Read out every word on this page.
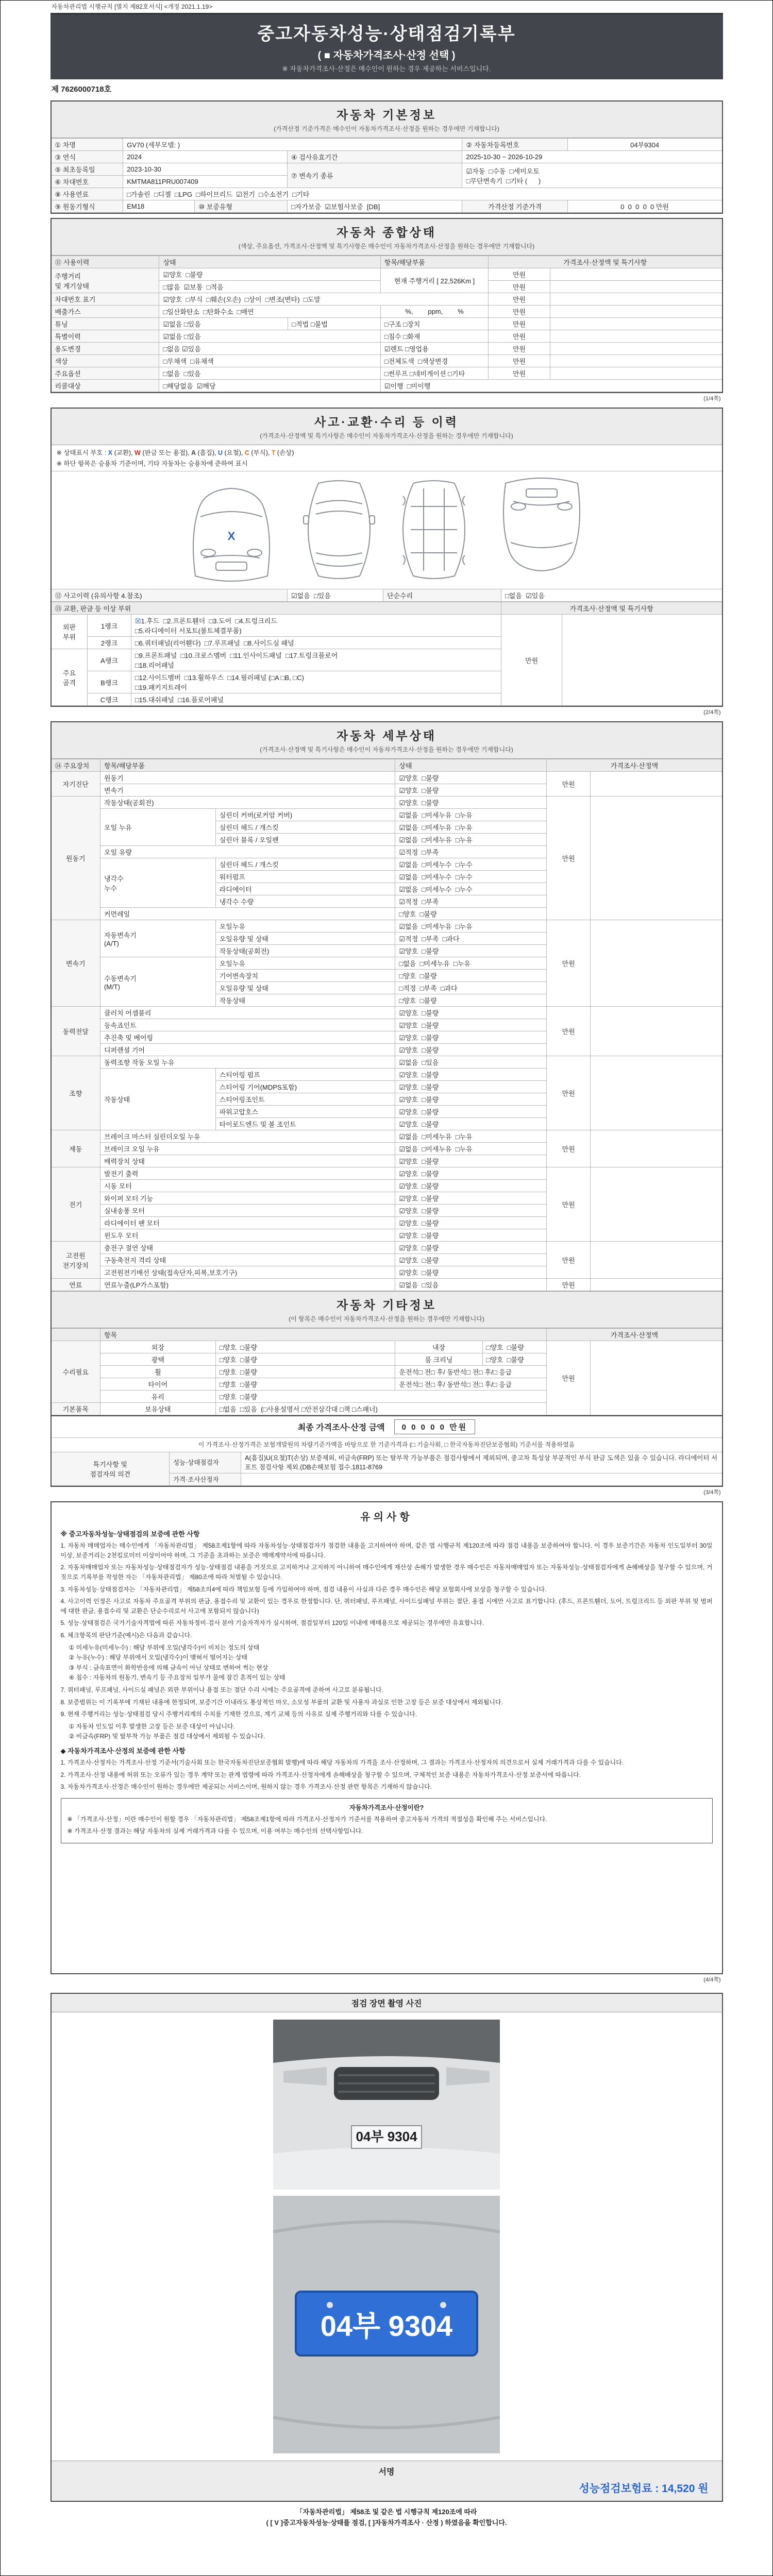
자동차관리법 시행규칙 [별지 제82호서식] <개정 2021.1.19>
중고자동차성능·상태점검기록부
( ■ 자동차가격조사·산정 선택 )
※ 자동차가격조사·산정은 매수인이 원하는 경우 제공하는 서비스입니다.
제 7626000718호
자동차 기본정보
(가격산정 기준가격은 매수인이 자동차가격조사·산정을 원하는 경우에만 기재합니다)
① 차명	GV70 (세부모델: )			② 자동차등록번호	04부9304
③ 연식	2024		④ 검사유효기간	2025-10-30 ~ 2026-10-29	
⑤ 최초등록일	2023-10-30		⑦ 변속기 종류	☑자동  □수동  □세미오토
□무단변속기  □기타 (      )	
⑥ 차대번호	KMTMA811PRU007409				
⑧ 사용연료	□가솔린  □디젤  □LPG  □하이브리드  ☑전기  □수소전기  □기타				
⑨ 원동기형식	EM18	⑩ 보증유형	□자가보증  ☑보험사보증  [DB]	가격산정 기준가격	0  0  0  0  0 만원
자동차 종합상태
(색상, 주요옵션, 가격조사·산정액 및 특기사항은 매수인이 자동차가격조사·산정을 원하는 경우에만 기재합니다)
⑪ 사용이력	상태		항목/해당부품	가격조사·산정액 및 특기사항	
주행거리
및 계기상태	☑양호  □불량		현재 주행거리 [ 22,526Km ]	만원	
	□많음  ☑보통  □적음			만원	
차대번호 표기	☑양호  □부식  □훼손(오손)  □상이  □변조(변타)  □도말			만원	
배출가스	□일산화탄소  □탄화수소  □매연		%,        ppm,        %	만원	
튜닝	☑없음 □있음	□적법 □불법	□구조 □장치	만원	
특별이력	☑없음 □있음		□침수 □화재	만원	
용도변경	□없음 ☑있음		☑렌트 □영업용	만원	
색상	□무채색  □유채색		□전체도색  □색상변경	만원	
주요옵션	□없음  □있음		□썬루프 □네비게이션 □기타	만원	
리콜대상	□해당없음  ☑해당		☑이행  □미이행		
(1/4쪽)
사고·교환·수리 등 이력
(가격조사·산정액 및 특기사항은 매수인이 자동차가격조사·산정을 원하는 경우에만 기재합니다)
※ 상태표시 부호 : X (교환), W (판금 또는 용접), A (흠집), U (요철), C (부식), T (손상)
※ 하단 항목은 승용차 기준이며, 기타 자동차는 승용차에 준하여 표시
X
⑫ 사고이력 (유의사항 4.참조)	☑없음  □있음	단순수리	□없음  ☑있음
⑬ 교환, 판금 등 이상 부위			가격조사·산정액 및 특기사항	
외판
부위	1랭크	☒1.후드  □2.프론트휀더  □3.도어  □4.트렁크리드
□5.라디에이터 서포트(볼트체결부품)	만원	
	2랭크	□6.쿼터패널(리어휀다)  □7.루프패널  □8.사이드실 패널		
주요
골격	A랭크	□9.프론트패널  □10.크로스멤버  □11.인사이드패널  □17.트렁크플로어
□18.리어패널		
	B랭크	□12.사이드멤버  □13.휠하우스  □14.필러패널 (□A □B, □C)
□19.패키지트레이		
	C랭크	□15.대쉬패널  □16.플로어패널		
(2/4쪽)
자동차 세부상태
(가격조사·산정액 및 특기사항은 매수인이 자동차가격조사·산정을 원하는 경우에만 기재합니다)
⑭ 주요장치	항목/해당부품		상태	가격조사·산정액	
자기진단	원동기		☑양호  □불량	만원	
	변속기		☑양호  □불량		
원동기	작동상태(공회전)		☑양호  □불량	만원	
	오일 누유	실린더 커버(로커암 커버)	☑없음  □미세누유  □누유		
		실린더 헤드 / 개스킷	☑없음  □미세누유  □누유		
		실린더 블록 / 오일팬	☑없음  □미세누유  □누유		
	오일 유량		☑적정  □부족		
	냉각수
누수	실린더 헤드 / 개스킷	☑없음  □미세누수  □누수		
		워터펌프	☑없음  □미세누수  □누수		
		라디에이터	☑없음  □미세누수  □누수		
		냉각수 수량	☑적정  □부족		
	커먼레일		□양호  □불량		
변속기	자동변속기
(A/T)	오일누유	☑없음  □미세누유  □누유	만원	
		오일유량 및 상태	☑적정  □부족  □과다		
		작동상태(공회전)	☑양호  □불량		
	수동변속기
(M/T)	오일누유	□없음  □미세누유  □누유		
		기어변속장치	□양호  □불량		
		오일유량 및 상태	□적정  □부족  □과다		
		작동상태	□양호  □불량		
동력전달	클러치 어셈블리		☑양호  □불량	만원	
	등속죠인트		☑양호  □불량		
	추진축 및 베어링		☑양호  □불량		
	디퍼렌셜 기어		☑양호  □불량		
조향	동력조향 작동 오일 누유		☑없음  □있음	만원	
	작동상태	스티어링 펌프	☑양호  □불량		
		스티어링 기어(MDPS포함)	☑양호  □불량		
		스티어링조인트	☑양호  □불량		
		파워고압호스	☑양호  □불량		
		타이로드엔드 및 볼 조인트	☑양호  □불량		
제동	브레이크 마스터 실린더오일 누유		☑없음  □미세누유  □누유	만원	
	브레이크 오일 누유		☑없음  □미세누유  □누유		
	배력장치 상태		☑양호  □불량		
전기	발전기 출력		☑양호  □불량	만원	
	시동 모터		☑양호  □불량		
	와이퍼 모터 기능		☑양호  □불량		
	실내송풍 모터		☑양호  □불량		
	라디에이터 팬 모터		☑양호  □불량		
	윈도우 모터		☑양호  □불량		
고전원
전기장치	충전구 절연 상태		☑양호  □불량	만원	
	구동축전지 격리 상태		☑양호  □불량		
	고전원전기배선 상태(접속단자,피복,보호기구)		☑양호  □불량		
연료	연료누출(LP가스포함)		☑없음  □있음	만원	
자동차 기타정보
(이 항목은 매수인이 자동차가격조사·산정을 원하는 경우에만 기재합니다)
	항목				가격조사·산정액	
수리필요	외장	□양호  □불량	내장	□양호  □불량	만원	
	광택	□양호  □불량	룸 크리닝	□양호  □불량		
	휠	□양호  □불량	운전석□ 전□ 후/ 동반석□ 전□ 후/□ 응급			
	타이어	□양호  □불량	운전석□ 전□ 후/ 동반석□ 전□ 후/□ 응급			
	유리	□양호  □불량				
기본품목	보유상태	□없음  □있음  (□사용설명서 □안전삼각대 □잭 □스패너)				
최종 가격조사·산정 금액	0 0 0 0 0 만원
이 가격조사·산정가격은 보험개발원의 차량기준가액을 바탕으로 한 기준가격과 (□ 기술사회, □ 한국자동차진단보증협회) 기준서를 적용하였음
특기사항 및
점검자의 의견	성능·상태점검자	A(흠집)U(요철)T(손상) 보증제외, 비금속(FRP) 또는 탈부착 가능부품은 점검사항에서 제외되며, 중고차 특성상 부분적인 부식 판금 도색은 있을 수 있습니다. 라디에이터 서포트 점검사항 제외.(DB손해보험 접수.1811-8769
	가격·조사산정자	
(3/4쪽)
유의사항
※ 중고자동차성능·상태점검의 보증에 관한 사항

1. 자동차 매매업자는 매수인에게 「자동차관리법」 제58조제1항에 따라 자동차성능·상태점검자가 점검한 내용을 고지하여야 하며, 같은 법 시행규칙 제120조에 따라 점검 내용을 보증하여야 합니다. 이 경우 보증기간은 자동차 인도일부터 30일 이상, 보증거리는 2천킬로미터 이상이어야 하며, 그 기준을 초과하는 보증은 매매계약서에 따릅니다.

2. 자동차매매업자 또는 자동차성능·상태점검자가 성능·상태점검 내용을 거짓으로 고지하거나 고지하지 아니하여 매수인에게 재산상 손해가 발생한 경우 매수인은 자동차매매업자 또는 자동차성능·상태점검자에게 손해배상을 청구할 수 있으며, 거짓으로 기록부를 작성한 자는 「자동차관리법」 제80조에 따라 처벌될 수 있습니다.

3. 자동차성능·상태점검자는 「자동차관리법」 제58조의4에 따라 책임보험 등에 가입하여야 하며, 점검 내용이 사실과 다른 경우 매수인은 해당 보험회사에 보상을 청구할 수 있습니다.

4. 사고이력 인정은 사고로 자동차 주요골격 부위의 판금, 용접수리 및 교환이 있는 경우로 한정합니다. 단, 쿼터패널, 루프패널, 사이드실패널 부위는 절단, 용접 시에만 사고로 표기합니다. (후드, 프론트휀더, 도어, 트렁크리드 등 외판 부위 및 범퍼에 대한 판금, 용접수리 및 교환은 단순수리로서 사고에 포함되지 않습니다)

5. 성능·상태점검은 국가기술자격법에 따른 자동차정비·검사 분야 기술자격자가 실시하며, 점검일부터 120일 이내에 매매용으로 제공되는 경우에만 유효합니다.

6. 체크항목의 판단기준(예시)은 다음과 같습니다.

① 미세누유(미세누수) : 해당 부위에 오일(냉각수)이 비치는 정도의 상태

② 누유(누수) : 해당 부위에서 오일(냉각수)이 맺혀서 떨어지는 상태

③ 부식 : 금속표면이 화학반응에 의해 금속이 아닌 상태로 변하여 썩는 현상

④ 침수 : 자동차의 원동기, 변속기 등 주요장치 일부가 물에 잠긴 흔적이 있는 상태

7. 쿼터패널, 루프패널, 사이드실 패널은 외판 부위이나 용접 또는 절단 수리 시에는 주요골격에 준하여 사고로 분류됩니다.

8. 보증범위는 이 기록부에 기재된 내용에 한정되며, 보증기간 이내라도 통상적인 마모, 소모성 부품의 교환 및 사용자 과실로 인한 고장 등은 보증 대상에서 제외됩니다.

9. 현재 주행거리는 성능·상태점검 당시 주행거리계의 수치를 기재한 것으로, 계기 교체 등의 사유로 실제 주행거리와 다를 수 있습니다.

① 자동차 인도일 이후 발생한 고장 등은 보증 대상이 아닙니다.

② 비금속(FRP) 및 탈부착 가능 부품은 점검 대상에서 제외될 수 있습니다.

◆ 자동차가격조사·산정의 보증에 관한 사항

1. 가격조사·산정자는 가격조사·산정 기준서(기술사회 또는 한국자동차진단보증협회 발행)에 따라 해당 자동차의 가격을 조사·산정하며, 그 결과는 가격조사·산정자의 의견으로서 실제 거래가격과 다를 수 있습니다.

2. 가격조사·산정 내용에 허위 또는 오류가 있는 경우 계약 또는 관계 법령에 따라 가격조사·산정자에게 손해배상을 청구할 수 있으며, 구체적인 보증 내용은 자동차가격조사·산정 보증서에 따릅니다.

3. 자동차가격조사·산정은 매수인이 원하는 경우에만 제공되는 서비스이며, 원하지 않는 경우 가격조사·산정 관련 항목은 기재하지 않습니다.

자동차가격조사·산정이란?

※ 「가격조사·산정」이란 매수인이 원할 경우 「자동차관리법」 제58조제1항에 따라 가격조사·산정자가 기준서를 적용하여 중고자동차 가격의 적절성을 확인해 주는 서비스입니다.

※ 가격조사·산정 결과는 해당 자동차의 실제 거래가격과 다를 수 있으며, 이용 여부는 매수인의 선택사항입니다.

(4/4쪽)
점검 장면 촬영 사진
04부 9304
04부 9304
서명
성능점검보험료 : 14,520 원
「자동차관리법」 제58조 및 같은 법 시행규칙 제120조에 따라
( [ V ]중고자동차성능·상태를 점검, [ ]자동차가격조사 · 산정 ) 하였음을 확인합니다.
